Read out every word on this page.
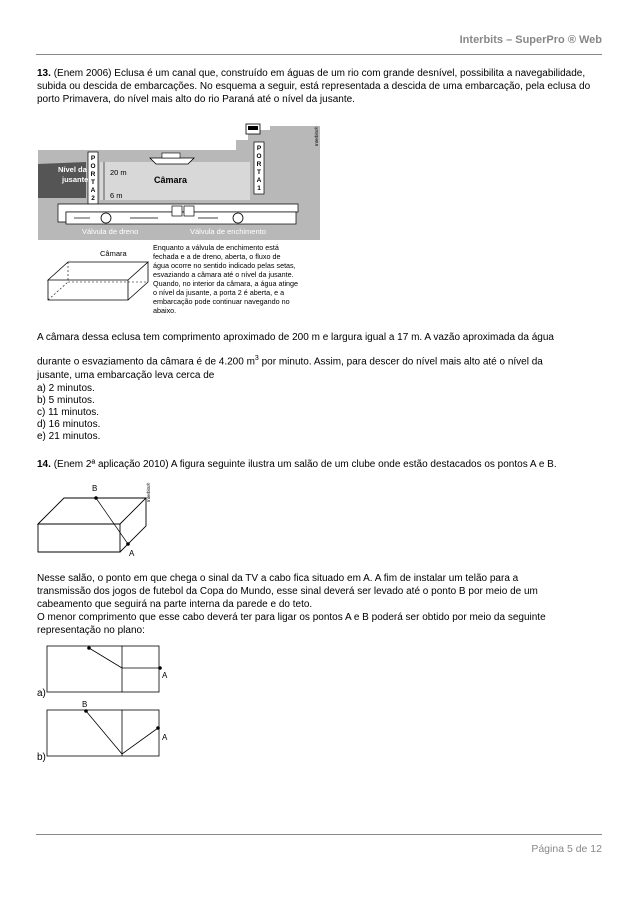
Interbits – SuperPro ® Web
13. (Enem 2006) Eclusa é um canal que, construído em águas de um rio com grande desnível, possibilita a navegabilidade, subida ou descida de embarcações. No esquema a seguir, está representada a descida de uma embarcação, pela eclusa do porto Primavera, do nível mais alto do rio Paraná até o nível da jusante.
P
O
R
T
A
2
P
O
R
T
A
1
Nível da
jusante
20 m
6 m
Câmara
Válvula de dreno	Válvula de enchimento
Interbits®
Câmara
Enquanto a válvula de enchimento está
fechada e a de dreno, aberta, o fluxo de
água ocorre no sentido indicado pelas setas,
esvaziando a câmara até o nível da jusante.
Quando, no interior da câmara, a água atinge
o nível da jusante, a porta 2 é aberta, e a
embarcação pode continuar navegando no
abaixo.
A câmara dessa eclusa tem comprimento aproximado de 200 m e largura igual a 17 m. A vazão aproximada da água
durante o esvaziamento da câmara é de 4.200 $m^3$ por minuto. Assim, para descer do nível mais alto até o nível da
jusante, uma embarcação leva cerca de
a) 2 minutos.
b) 5 minutos.
c) 11 minutos.
d) 16 minutos.
e) 21 minutos.
14. (Enem 2ª aplicação 2010) A figura seguinte ilustra um salão de um clube onde estão destacados os pontos A e B.
B
A
Interbits®
Nesse salão, o ponto em que chega o sinal da TV a cabo fica situado em A. A fim de instalar um telão para a
transmissão dos jogos de futebol da Copa do Mundo, esse sinal deverá ser levado até o ponto B por meio de um
cabeamento que seguirá na parte interna da parede e do teto.
O menor comprimento que esse cabo deverá ter para ligar os pontos A e B poderá ser obtido por meio da seguinte
representação no plano:
A
a)
B
A
b)
Página 5 de 12
